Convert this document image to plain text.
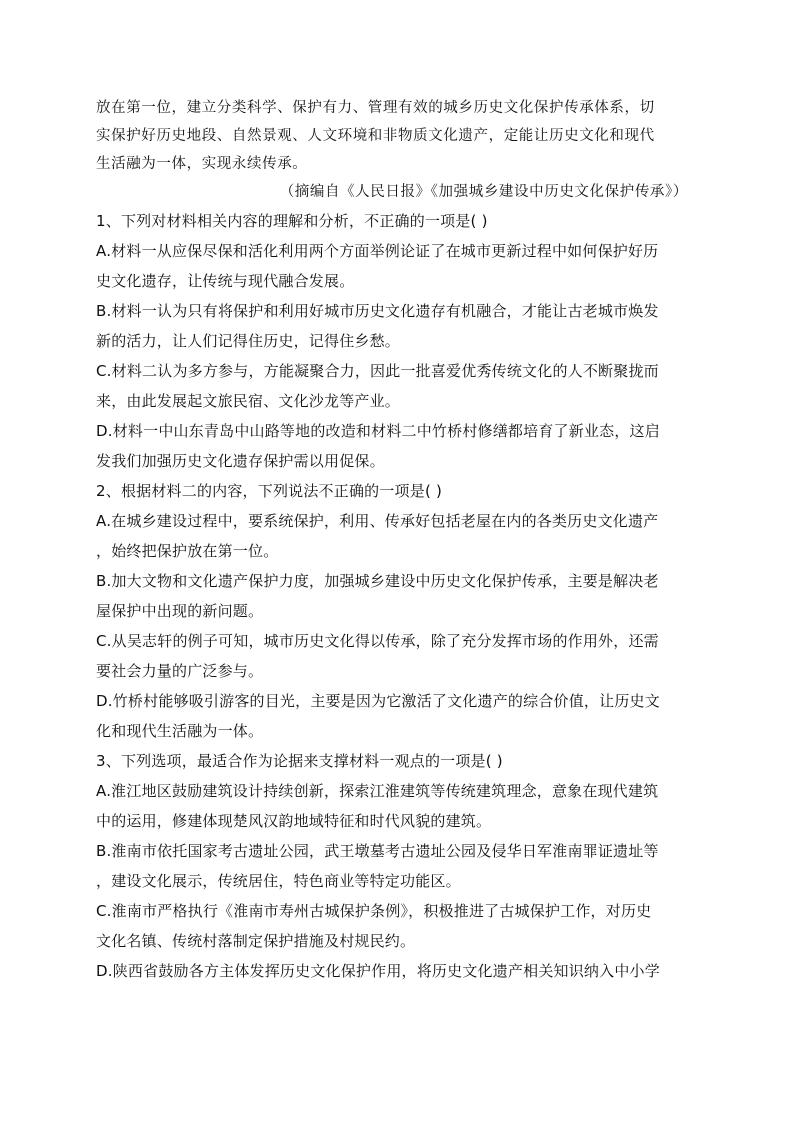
放在第一位，建立分类科学、保护有力、管理有效的城乡历史文化保护传承体系，切
实保护好历史地段、自然景观、人文环境和非物质文化遗产，定能让历史文化和现代
生活融为一体，实现永续传承。
（摘编自《人民日报》《加强城乡建设中历史文化保护传承》）
1、下列对材料相关内容的理解和分析，不正确的一项是( )
A.材料一从应保尽保和活化利用两个方面举例论证了在城市更新过程中如何保护好历
史文化遗存，让传统与现代融合发展。
B.材料一认为只有将保护和利用好城市历史文化遗存有机融合，才能让古老城市焕发
新的活力，让人们记得住历史，记得住乡愁。
C.材料二认为多方参与，方能凝聚合力，因此一批喜爱优秀传统文化的人不断聚拢而
来，由此发展起文旅民宿、文化沙龙等产业。
D.材料一中山东青岛中山路等地的改造和材料二中竹桥村修缮都培育了新业态，这启
发我们加强历史文化遗存保护需以用促保。
2、根据材料二的内容，下列说法不正确的一项是( )
A.在城乡建设过程中，要系统保护，利用、传承好包括老屋在内的各类历史文化遗产
，始终把保护放在第一位。
B.加大文物和文化遗产保护力度，加强城乡建设中历史文化保护传承，主要是解决老
屋保护中出现的新问题。
C.从吴志轩的例子可知，城市历史文化得以传承，除了充分发挥市场的作用外，还需
要社会力量的广泛参与。
D.竹桥村能够吸引游客的目光，主要是因为它激活了文化遗产的综合价值，让历史文
化和现代生活融为一体。
3、下列选项，最适合作为论据来支撑材料一观点的一项是( )
A.淮江地区鼓励建筑设计持续创新，探索江淮建筑等传统建筑理念，意象在现代建筑
中的运用，修建体现楚风汉韵地域特征和时代风貌的建筑。
B.淮南市依托国家考古遗址公园，武王墩墓考古遗址公园及侵华日军淮南罪证遗址等
，建设文化展示，传统居住，特色商业等特定功能区。
C.淮南市严格执行《淮南市寿州古城保护条例》，积极推进了古城保护工作，对历史
文化名镇、传统村落制定保护措施及村规民约。
D.陕西省鼓励各方主体发挥历史文化保护作用，将历史文化遗产相关知识纳入中小学
